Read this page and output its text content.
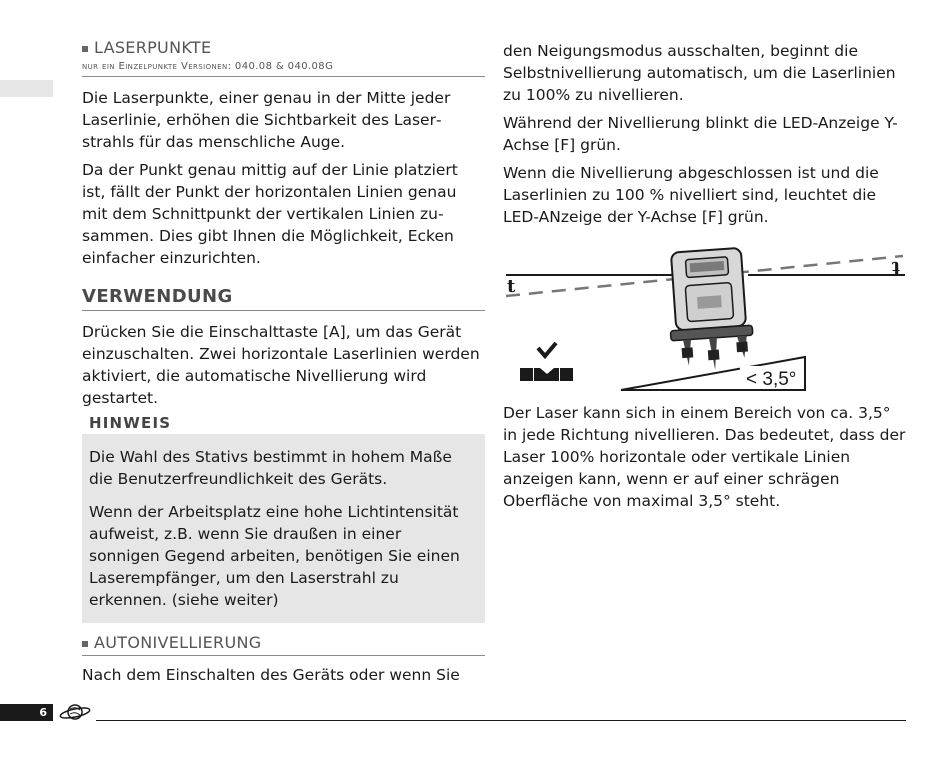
LASERPUNKTE
nur ein Einzelpunkte Versionen: 040.08 & 040.08G

Die Laserpunkte, einer genau in der Mitte jeder Laserlinie, erhöhen die Sichtbarkeit des Laserstrahls für das menschliche Auge.

Da der Punkt genau mittig auf der Linie platziert ist, fällt der Punkt der horizontalen Linien genau mit dem Schnittpunkt der vertikalen Linien zusammen. Dies gibt Ihnen die Möglichkeit, Ecken einfacher einzurichten.

VERWENDUNG

Drücken Sie die Einschalttaste [A], um das Gerät einzuschalten. Zwei horizontale Laserlinien werden aktiviert, die automatische Nivellierung wird gestartet.

HINWEIS

Die Wahl des Stativs bestimmt in hohem Maße die Benutzerfreundlichkeit des Geräts.

Wenn der Arbeitsplatz eine hohe Lichtintensität aufweist, z.B. wenn Sie draußen in einer sonnigen Gegend arbeiten, benötigen Sie einen Laserempfänger, um den Laserstrahl zu erkennen. (siehe weiter)

AUTONIVELLIERUNG

Nach dem Einschalten des Geräts oder wenn Sie

den Neigungsmodus ausschalten, beginnt die Selbstnivellierung automatisch, um die Laserlinien zu 100% zu nivellieren.

Während der Nivellierung blinkt die LED-Anzeige Y-Achse [F] grün.

Wenn die Nivellierung abgeschlossen ist und die Laserlinien zu 100 % nivelliert sind, leuchtet die LED-ANzeige der Y-Achse [F] grün.

t
t
< 3,5°

Der Laser kann sich in einem Bereich von ca. 3,5° in jede Richtung nivellieren. Das bedeutet, dass der Laser 100% horizontale oder vertikale Linien anzeigen kann, wenn er auf einer schrägen Oberfläche von maximal 3,5° steht.

6
